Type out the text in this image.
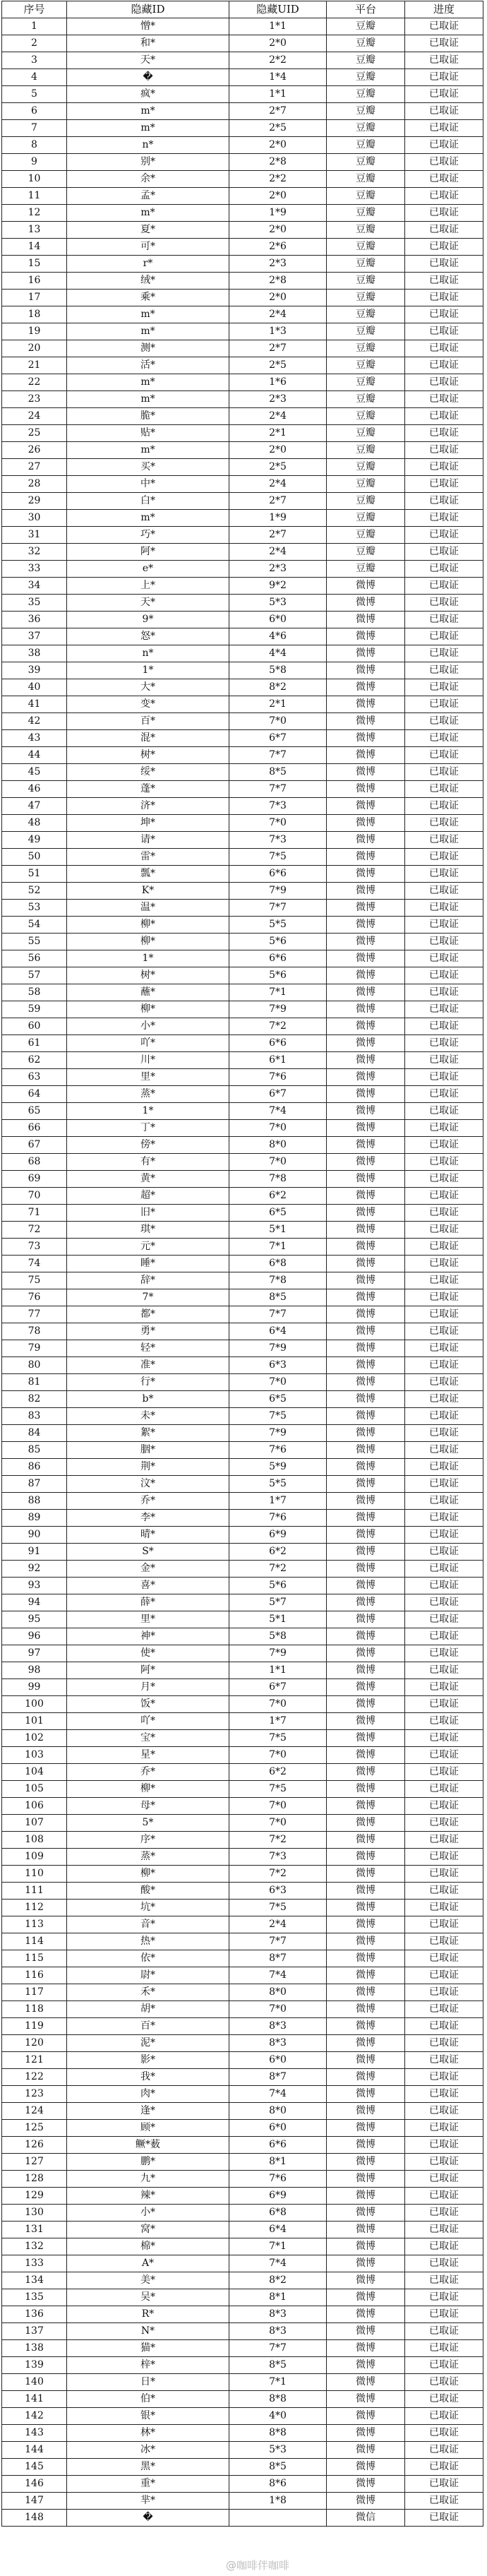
序号	隐藏ID	隐藏UID	平台	进度
1	憎*	1*1	豆瓣	已取证
2	和*	2*0	豆瓣	已取证
3	天*	2*2	豆瓣	已取证
4	�	1*4	豆瓣	已取证
5	疯*	1*1	豆瓣	已取证
6	m*	2*7	豆瓣	已取证
7	m*	2*5	豆瓣	已取证
8	n*	2*0	豆瓣	已取证
9	别*	2*8	豆瓣	已取证
10	余*	2*2	豆瓣	已取证
11	孟*	2*0	豆瓣	已取证
12	m*	1*9	豆瓣	已取证
13	夏*	2*0	豆瓣	已取证
14	可*	2*6	豆瓣	已取证
15	r*	2*3	豆瓣	已取证
16	绒*	2*8	豆瓣	已取证
17	乘*	2*0	豆瓣	已取证
18	m*	2*4	豆瓣	已取证
19	m*	1*3	豆瓣	已取证
20	测*	2*7	豆瓣	已取证
21	活*	2*5	豆瓣	已取证
22	m*	1*6	豆瓣	已取证
23	m*	2*3	豆瓣	已取证
24	脆*	2*4	豆瓣	已取证
25	贴*	2*1	豆瓣	已取证
26	m*	2*0	豆瓣	已取证
27	买*	2*5	豆瓣	已取证
28	中*	2*4	豆瓣	已取证
29	白*	2*7	豆瓣	已取证
30	m*	1*9	豆瓣	已取证
31	巧*	2*7	豆瓣	已取证
32	阿*	2*4	豆瓣	已取证
33	e*	2*3	豆瓣	已取证
34	上*	9*2	微博	已取证
35	天*	5*3	微博	已取证
36	9*	6*0	微博	已取证
37	怒*	4*6	微博	已取证
38	n*	4*4	微博	已取证
39	1*	5*8	微博	已取证
40	大*	8*2	微博	已取证
41	变*	2*1	微博	已取证
42	百*	7*0	微博	已取证
43	混*	6*7	微博	已取证
44	树*	7*7	微博	已取证
45	绥*	8*5	微博	已取证
46	蓬*	7*7	微博	已取证
47	济*	7*3	微博	已取证
48	坤*	7*0	微博	已取证
49	请*	7*3	微博	已取证
50	雷*	7*5	微博	已取证
51	瓢*	6*6	微博	已取证
52	K*	7*9	微博	已取证
53	温*	7*7	微博	已取证
54	柳*	5*5	微博	已取证
55	柳*	5*6	微博	已取证
56	1*	6*6	微博	已取证
57	树*	5*6	微博	已取证
58	蘸*	7*1	微博	已取证
59	柳*	7*9	微博	已取证
60	小*	7*2	微博	已取证
61	吖*	6*6	微博	已取证
62	川*	6*1	微博	已取证
63	里*	7*6	微博	已取证
64	蒸*	6*7	微博	已取证
65	1*	7*4	微博	已取证
66	丁*	7*0	微博	已取证
67	傍*	8*0	微博	已取证
68	有*	7*0	微博	已取证
69	黄*	7*8	微博	已取证
70	超*	6*2	微博	已取证
71	旧*	6*5	微博	已取证
72	琪*	5*1	微博	已取证
73	元*	7*1	微博	已取证
74	睡*	6*8	微博	已取证
75	辞*	7*8	微博	已取证
76	7*	8*5	微博	已取证
77	都*	7*7	微博	已取证
78	勇*	6*4	微博	已取证
79	轻*	7*9	微博	已取证
80	准*	6*3	微博	已取证
81	行*	7*0	微博	已取证
82	b*	6*5	微博	已取证
83	未*	7*5	微博	已取证
84	絮*	7*9	微博	已取证
85	胭*	7*6	微博	已取证
86	荆*	5*9	微博	已取证
87	汶*	5*5	微博	已取证
88	乔*	1*7	微博	已取证
89	李*	7*6	微博	已取证
90	晴*	6*9	微博	已取证
91	S*	6*2	微博	已取证
92	金*	7*2	微博	已取证
93	喜*	5*6	微博	已取证
94	薛*	5*7	微博	已取证
95	里*	5*1	微博	已取证
96	神*	5*8	微博	已取证
97	使*	7*9	微博	已取证
98	阿*	1*1	微博	已取证
99	月*	6*7	微博	已取证
100	饭*	7*0	微博	已取证
101	吖*	1*7	微博	已取证
102	宝*	7*5	微博	已取证
103	星*	7*0	微博	已取证
104	乔*	6*2	微博	已取证
105	柳*	7*5	微博	已取证
106	母*	7*0	微博	已取证
107	5*	7*0	微博	已取证
108	序*	7*2	微博	已取证
109	蒸*	7*3	微博	已取证
110	柳*	7*2	微博	已取证
111	酸*	6*3	微博	已取证
112	坑*	7*5	微博	已取证
113	音*	2*4	微博	已取证
114	热*	7*7	微博	已取证
115	依*	8*7	微博	已取证
116	尉*	7*4	微博	已取证
117	禾*	8*0	微博	已取证
118	胡*	7*0	微博	已取证
119	百*	8*3	微博	已取证
120	泥*	8*3	微博	已取证
121	影*	6*0	微博	已取证
122	我*	8*7	微博	已取证
123	肉*	7*4	微博	已取证
124	逢*	8*0	微博	已取证
125	顾*	6*0	微博	已取证
126	鳜*薮	6*6	微博	已取证
127	鹏*	8*1	微博	已取证
128	九*	7*6	微博	已取证
129	辣*	6*9	微博	已取证
130	小*	6*8	微博	已取证
131	窝*	6*4	微博	已取证
132	棉*	7*1	微博	已取证
133	A*	7*4	微博	已取证
134	美*	8*2	微博	已取证
135	吴*	8*1	微博	已取证
136	R*	8*3	微博	已取证
137	N*	8*3	微博	已取证
138	猫*	7*7	微博	已取证
139	梓*	8*5	微博	已取证
140	日*	7*1	微博	已取证
141	伯*	8*8	微博	已取证
142	银*	4*0	微博	已取证
143	林*	8*8	微博	已取证
144	冰*	5*3	微博	已取证
145	黑*	8*5	微博	已取证
146	重*	8*6	微博	已取证
147	芈*	1*8	微博	已取证
148	�		微信	已取证
@咖啡伴咖啡
